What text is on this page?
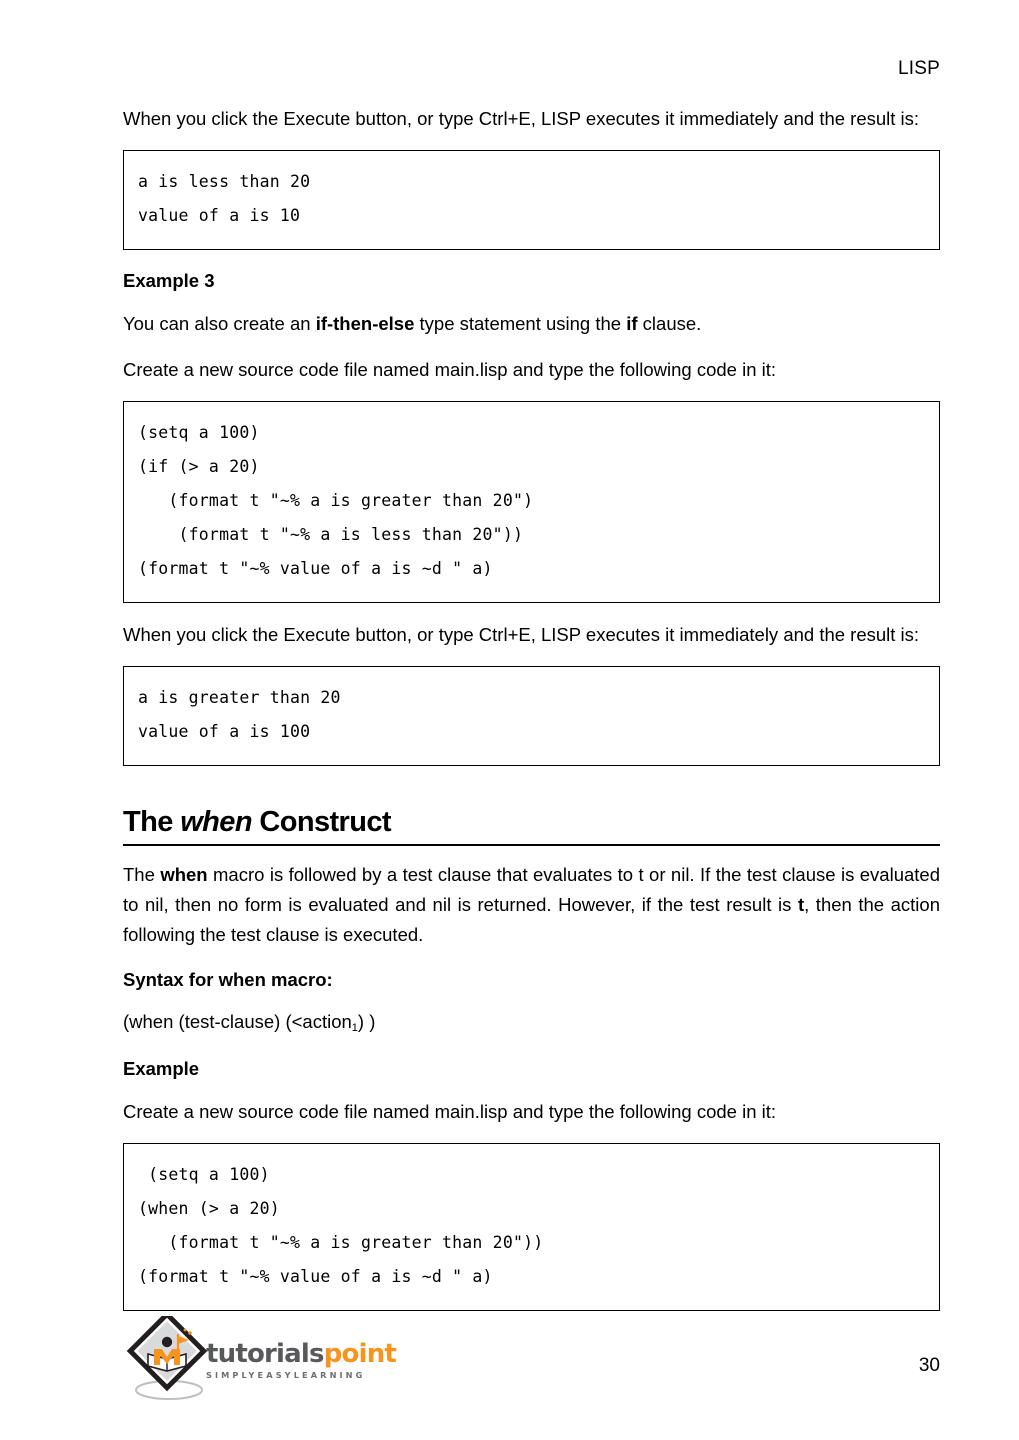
LISP

When you click the Execute button, or type Ctrl+E, LISP executes it immediately and the result is:

a is less than 20
value of a is 10
Example 3

You can also create an if-then-else type statement using the if clause.

Create a new source code file named main.lisp and type the following code in it:

(setq a 100)
(if (> a 20)
(format t "~% a is greater than 20")
(format t "~% a is less than 20"))
(format t "~% value of a is ~d " a)

When you click the Execute button, or type Ctrl+E, LISP executes it immediately and the result is:

a is greater than 20
value of a is 100
The when Construct

The when macro is followed by a test clause that evaluates to t or nil. If the test clause is evaluated to nil, then no form is evaluated and nil is returned. However, if the test result is t, then the action following the test clause is executed.

Syntax for when macro:
(when (test-clause) (<action$_1$) )
Example

Create a new source code file named main.lisp and type the following code in it:

(setq a 100)
(when (> a 20)
(format t "~% a is greater than 20"))
(format t "~% value of a is ~d " a)
tutorialspoint
SIMPLYEASYLEARNING	30
